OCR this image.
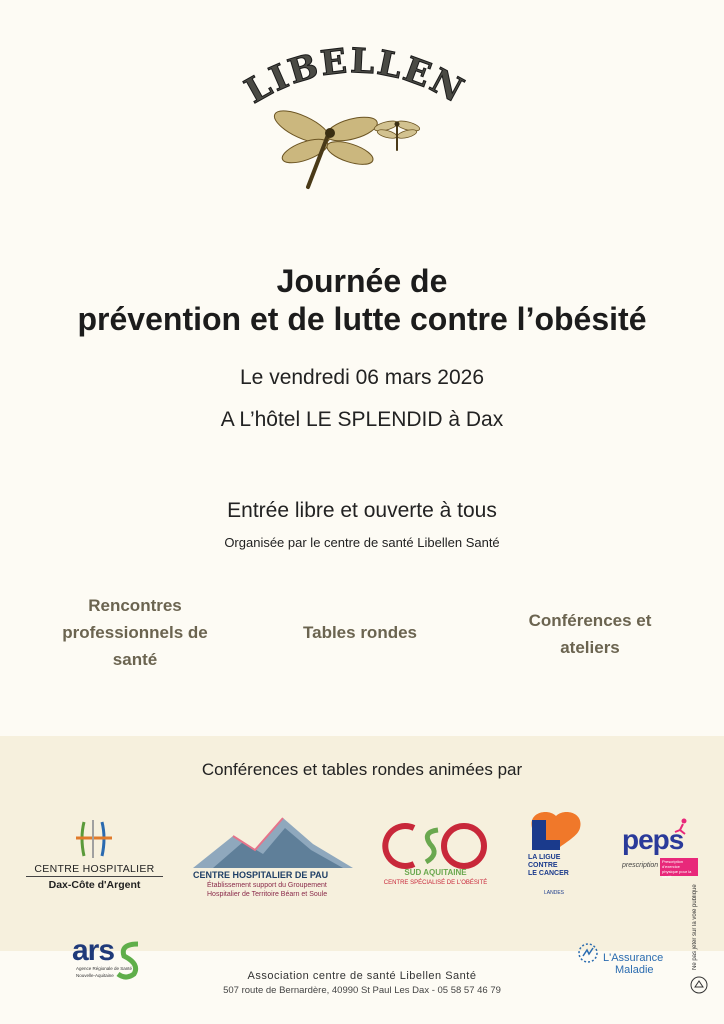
LIBELLEN
Journée de
prévention et de lutte contre l’obésité
Le vendredi 06 mars 2026
A L’hôtel LE SPLENDID à Dax
Entrée libre et ouverte à tous
Organisée par le centre de santé Libellen Santé
Rencontres professionnels de santé
Tables rondes
Conférences et ateliers
Conférences et tables rondes animées par
CENTRE HOSPITALIER
Dax-Côte d'Argent
CENTRE HOSPITALIER DE PAU
Établissement support du Groupement
Hospitalier de Territoire Béarn et Soule
SUD AQUITAINE
CENTRE SPÉCIALISÉ DE L'OBÉSITÉ
LA LIGUE
CONTRE
LE CANCER
LANDES
peps
prescription
Prescription d'exercice physique pour la santé
ars
Agence Régionale de Santé
Nouvelle-Aquitaine
L'Assurance
Maladie
Association centre de santé Libellen Santé
507 route de Bernardère, 40990 St Paul Les Dax - 05 58 57 46 79
Ne pas jeter sur la voie publique
